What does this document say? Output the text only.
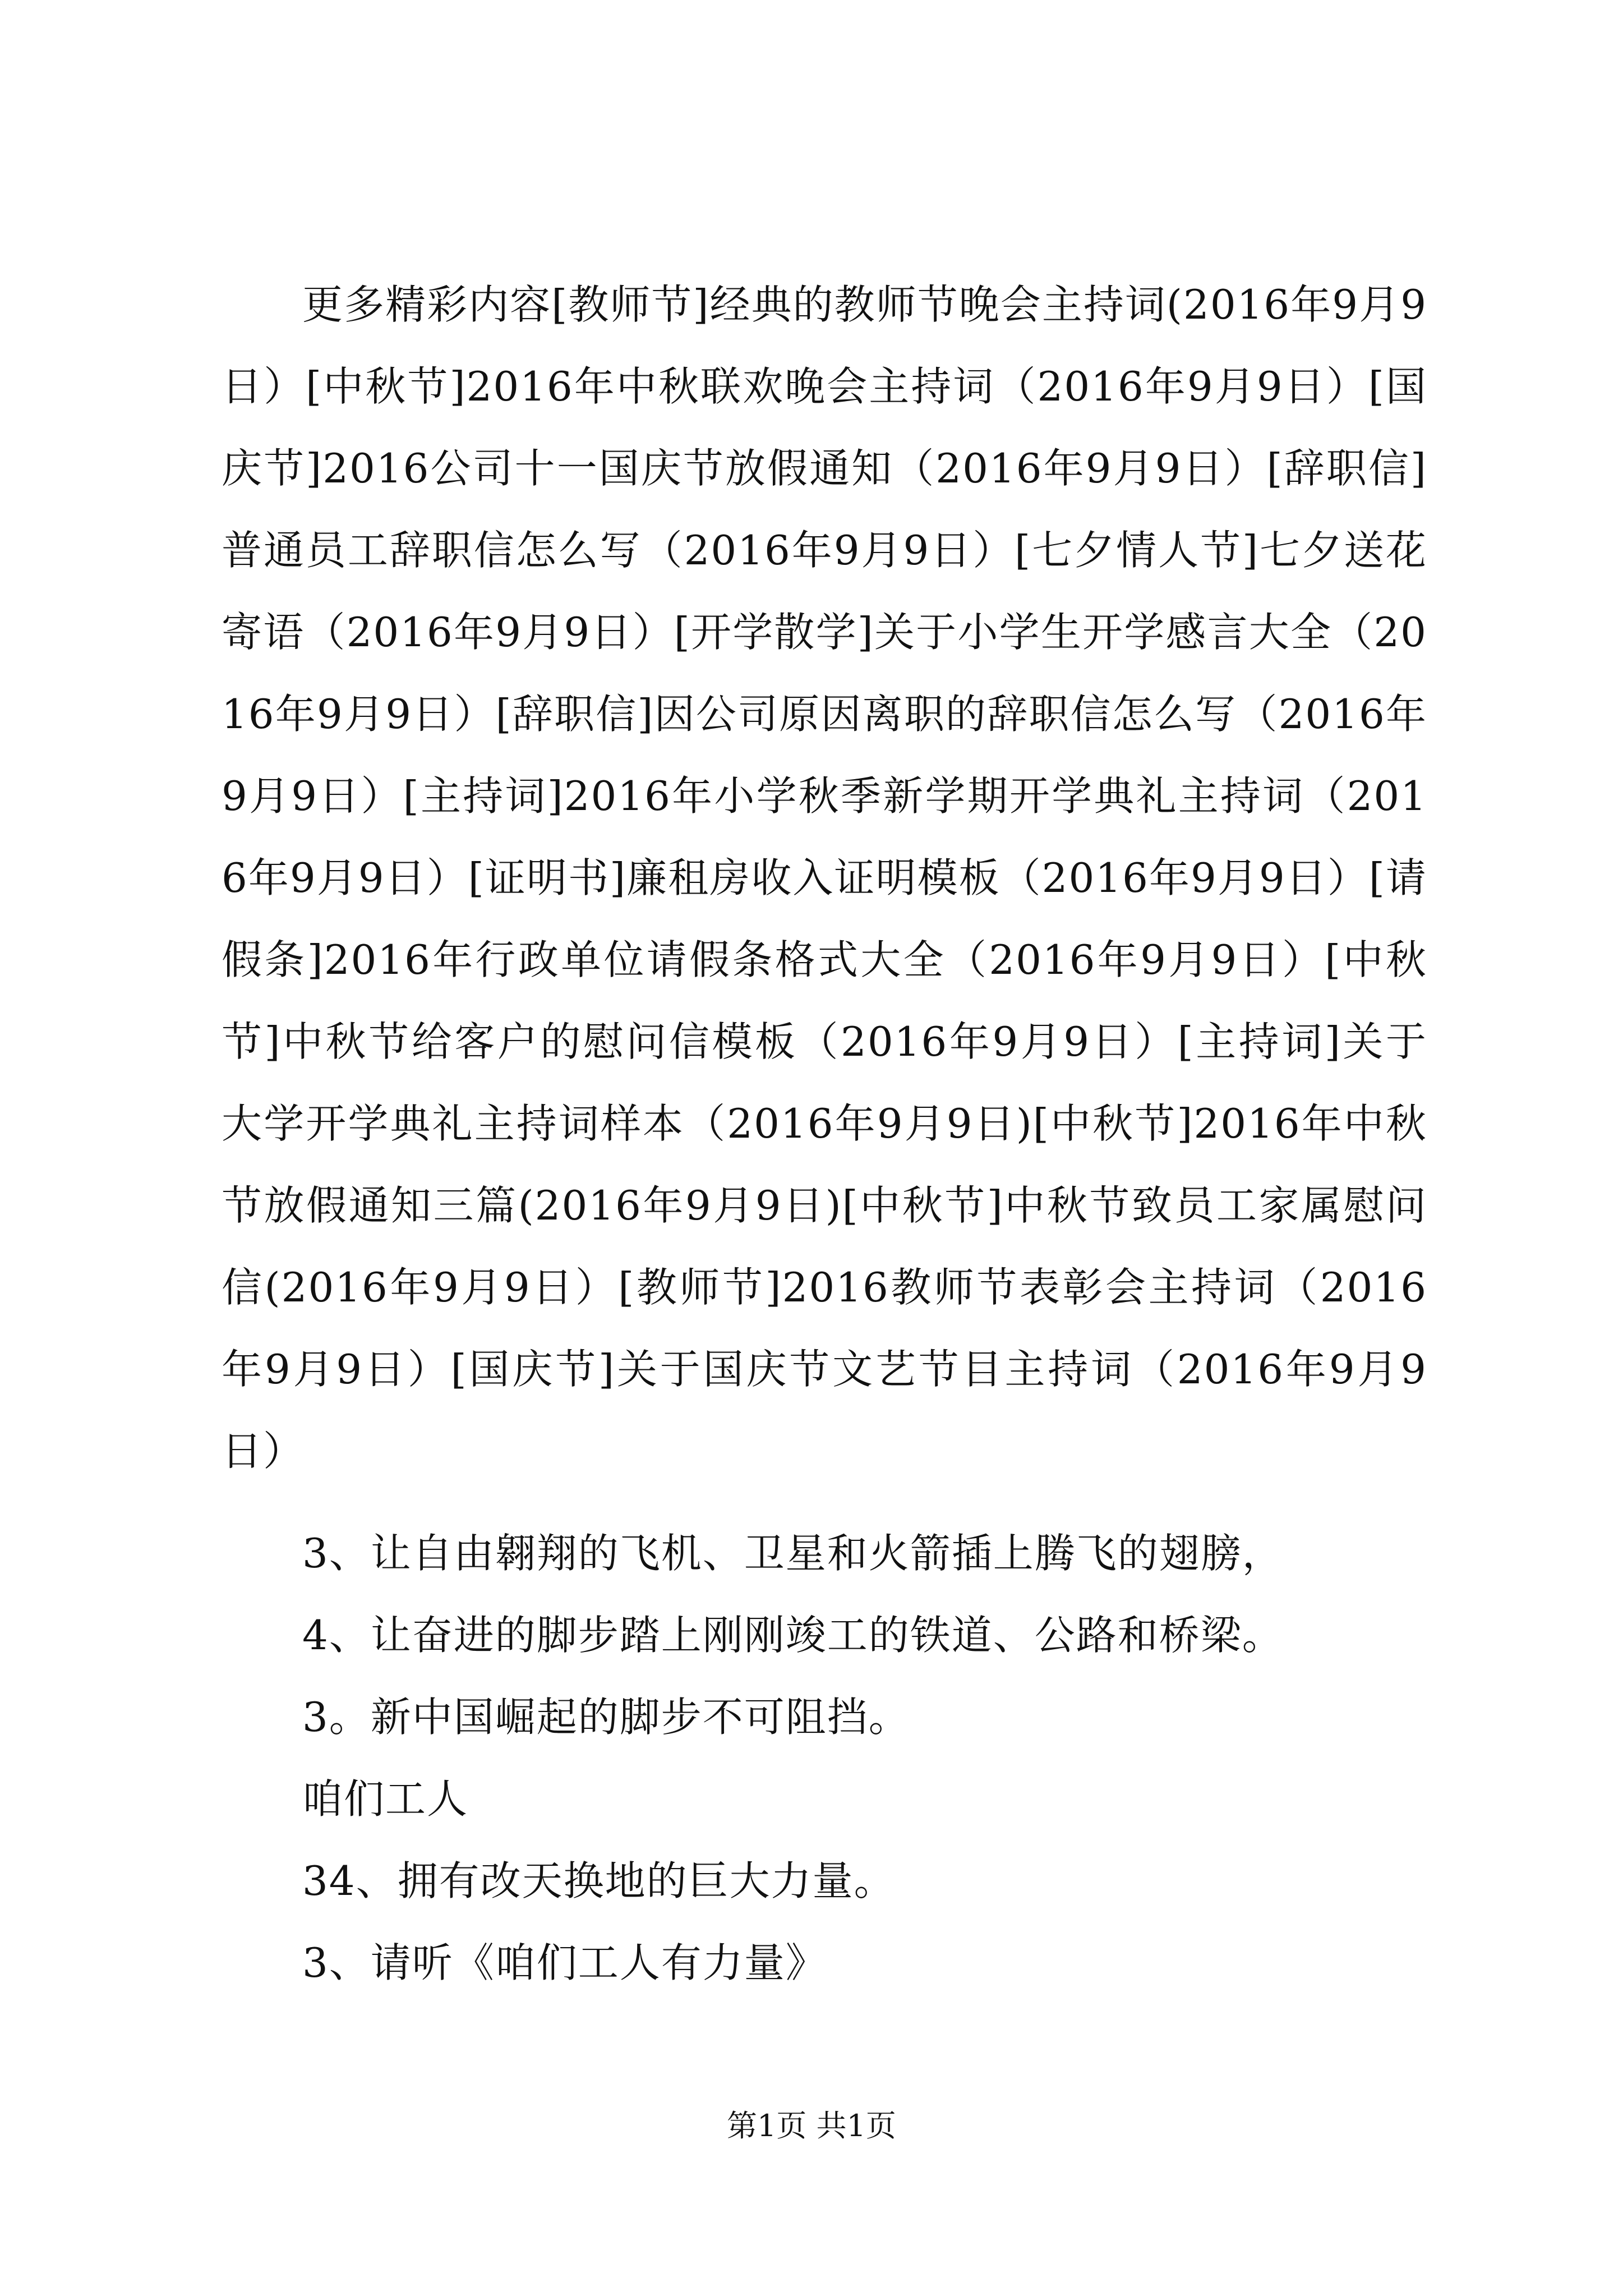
更多精彩内容[教师节]经典的教师节晚会主持词(2016年9月9日）[中秋节]2016年中秋联欢晚会主持词（2016年9月9日）[国庆节]2016公司十一国庆节放假通知（2016年9月9日）[辞职信]普通员工辞职信怎么写（2016年9月9日）[七夕情人节]七夕送花寄语（2016年9月9日）[开学散学]关于小学生开学感言大全（2016年9月9日）[辞职信]因公司原因离职的辞职信怎么写（2016年9月9日）[主持词]2016年小学秋季新学期开学典礼主持词（2016年9月9日）[证明书]廉租房收入证明模板（2016年9月9日）[请假条]2016年行政单位请假条格式大全（2016年9月9日）[中秋节]中秋节给客户的慰问信模板（2016年9月9日）[主持词]关于大学开学典礼主持词样本（2016年9月9日)[中秋节]2016年中秋节放假通知三篇(2016年9月9日)[中秋节]中秋节致员工家属慰问信(2016年9月9日）[教师节]2016教师节表彰会主持词（2016年9月9日）[国庆节]关于国庆节文艺节目主持词（2016年9月9日）

3、让自由翱翔的飞机、卫星和火箭插上腾飞的翅膀，

4、让奋进的脚步踏上刚刚竣工的铁道、公路和桥梁。

3。新中国崛起的脚步不可阻挡。

咱们工人

34、拥有改天换地的巨大力量。

3、请听《咱们工人有力量》

第1页 共1页
